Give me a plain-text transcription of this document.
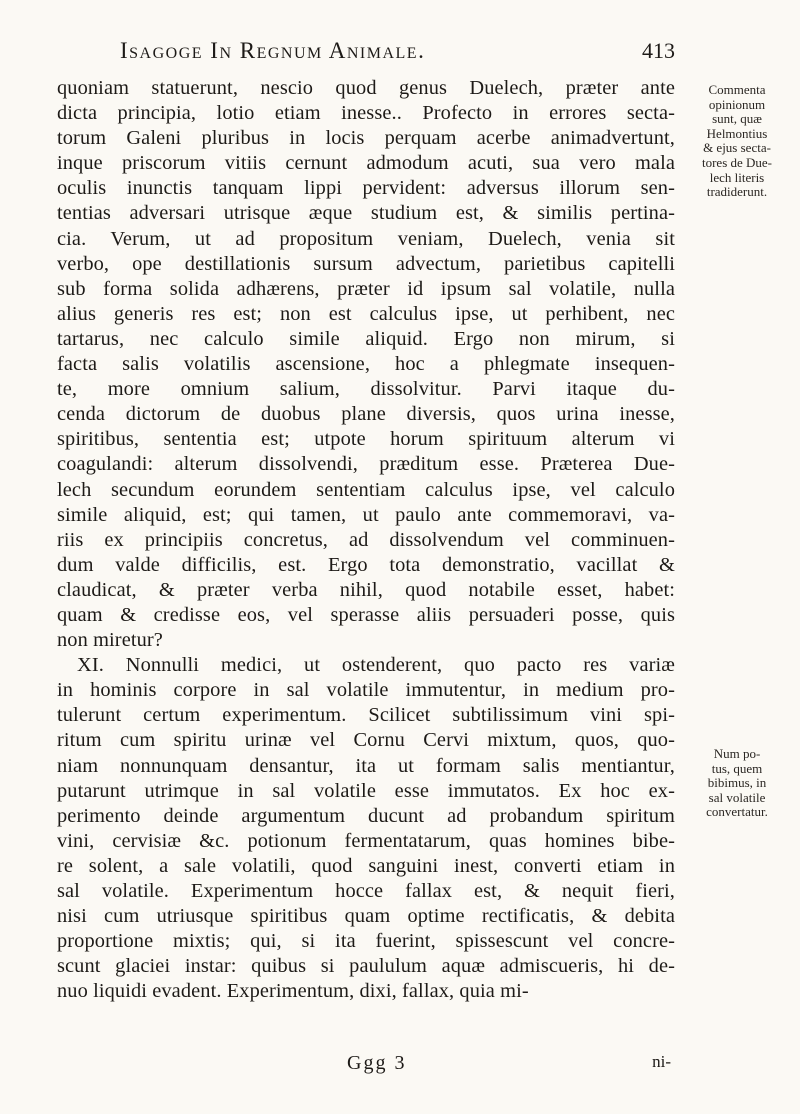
Isagoge In Regnum Animale.	413
quoniam statuerunt, nescio quod genus Duelech, præter ante
dicta principia, lotio etiam inesse.. Profecto in errores secta-
torum Galeni pluribus in locis perquam acerbe animadvertunt,
inque priscorum vitiis cernunt admodum acuti, sua vero mala
oculis inunctis tanquam lippi pervident: adversus illorum sen-
tentias adversari utrisque æque studium est, & similis pertina-
cia. Verum, ut ad propositum veniam, Duelech, venia sit
verbo, ope destillationis sursum advectum, parietibus capitelli
sub forma solida adhærens, præter id ipsum sal volatile, nulla
alius generis res est; non est calculus ipse, ut perhibent, nec
tartarus, nec calculo simile aliquid. Ergo non mirum, si
facta salis volatilis ascensione, hoc a phlegmate insequen-
te, more omnium salium, dissolvitur. Parvi itaque du-
cenda dictorum de duobus plane diversis, quos urina inesse,
spiritibus, sententia est; utpote horum spirituum alterum vi
coagulandi: alterum dissolvendi, præditum esse. Præterea Due-
lech secundum eorundem sententiam calculus ipse, vel calculo
simile aliquid, est; qui tamen, ut paulo ante commemoravi, va-
riis ex principiis concretus, ad dissolvendum vel comminuen-
dum valde difficilis, est. Ergo tota demonstratio, vacillat &
claudicat, & præter verba nihil, quod notabile esset, habet:
quam & credisse eos, vel sperasse aliis persuaderi posse, quis
non miretur?
XI. Nonnulli medici, ut ostenderent, quo pacto res variæ
in hominis corpore in sal volatile immutentur, in medium pro-
tulerunt certum experimentum. Scilicet subtilissimum vini spi-
ritum cum spiritu urinæ vel Cornu Cervi mixtum, quos, quo-
niam nonnunquam densantur, ita ut formam salis mentiantur,
putarunt utrimque in sal volatile esse immutatos. Ex hoc ex-
perimento deinde argumentum ducunt ad probandum spiritum
vini, cervisiæ &c. potionum fermentatarum, quas homines bibe-
re solent, a sale volatili, quod sanguini inest, converti etiam in
sal volatile. Experimentum hocce fallax est, & nequit fieri,
nisi cum utriusque spiritibus quam optime rectificatis, & debita
proportione mixtis; qui, si ita fuerint, spissescunt vel concre-
scunt glaciei instar: quibus si paululum aquæ admiscueris, hi de-
nuo liquidi evadent. Experimentum, dixi, fallax, quia mi-
Commenta
opinionum
sunt, quæ
Helmontius
& ejus secta-
tores de Due-
lech literis
tradiderunt.
Num po-
tus, quem
bibimus, in
sal volatile
convertatur.
Ggg 3	ni-
